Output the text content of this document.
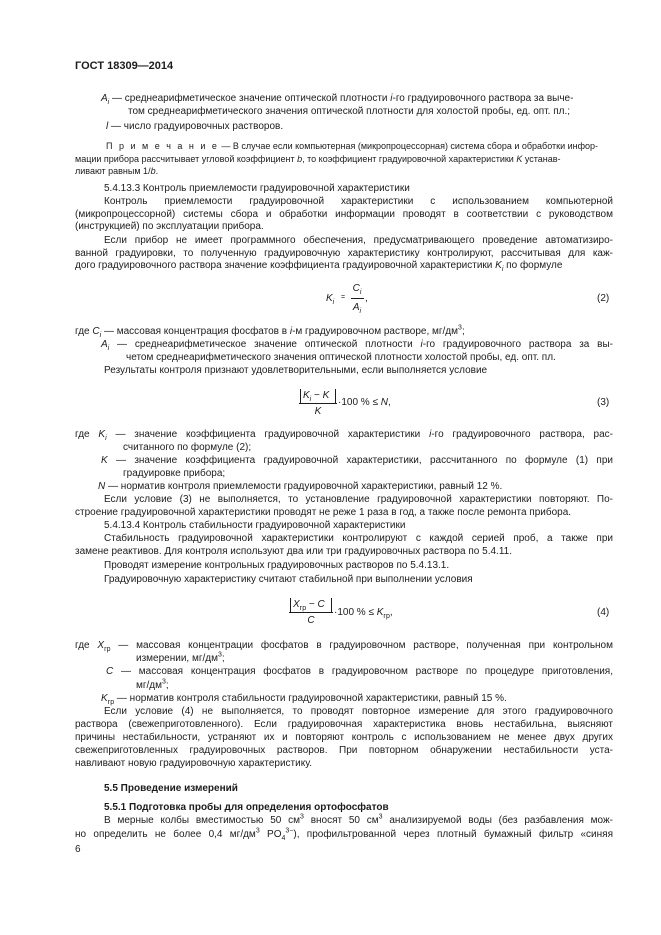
ГОСТ 18309—2014
$A_i$ — среднеарифметическое значение оптической плотности i-го градуировочного раствора за выче-
том среднеарифметического значения оптической плотности для холостой пробы, ед. опт. пл.;
l — число градуировочных растворов.
П р и м е ч а н и е — В случае если компьютерная (микропроцессорная) система сбора и обработки инфор-
мации прибора рассчитывает угловой коэффициент b, то коэффициент градуировочной характеристики K устанав-
ливают равным 1/b.
5.4.13.3 Контроль приемлемости градуировочной характеристики
Контроль приемлемости градуировочной характеристики с использованием компьютерной
(микропроцессорной) системы сбора и обработки информации проводят в соответствии с руководством
(инструкцией) по эксплуатации прибора.
Если прибор не имеет программного обеспечения, предусматривающего проведение автоматизиро-
ванной градуировки, то полученную градуировочную характеристику контролируют, рассчитывая для каж-
дого градуировочного раствора значение коэффициента градуировочной характеристики $K_i$ по формуле
$K_i$
=
$C_i$
$A_i$
,	(2)
где $C_i$ — массовая концентрация фосфатов в i-м градуировочном растворе, $мг/дм^3$;
$A_i$ — среднеарифметическое значение оптической плотности i-го градуировочного раствора за вы-
четом среднеарифметического значения оптической плотности холостой пробы, ед. опт. пл.
Результаты контроля признают удовлетворительными, если выполняется условие
$K_i - K$
K
·100 % ≤ N,	(3)
где $K_i$ — значение коэффициента градуировочной характеристики i-го градуировочного раствора, рас-
считанного по формуле (2);
K — значение коэффициента градуировочной характеристики, рассчитанного по формуле (1) при
градуировке прибора;
N — норматив контроля приемлемости градуировочной характеристики, равный 12 %.
Если условие (3) не выполняется, то установление градуировочной характеристики повторяют. По-
строение градуировочной характеристики проводят не реже 1 раза в год, а также после ремонта прибора.
5.4.13.4 Контроль стабильности градуировочной характеристики
Стабильность градуировочной характеристики контролируют с каждой серией проб, а также при
замене реактивов. Для контроля используют два или три градуировочных раствора по 5.4.11.
Проводят измерение контрольных градуировочных растворов по 5.4.13.1.
Градуировочную характеристику считают стабильной при выполнении условия
$X_{гр} - C$
C
·100 % ≤ $K_{гр}$,	(4)
где $X_{гр}$ — массовая концентрации фосфатов в градуировочном растворе, полученная при контрольном
измерении, $мг/дм^3$;
C — массовая концентрация фосфатов в градуировочном растворе по процедуре приготовления,
$мг/дм^3$;
$K_{гр}$ — норматив контроля стабильности градуировочной характеристики, равный 15 %.
Если условие (4) не выполняется, то проводят повторное измерение для этого градуировочного
раствора (свежеприготовленного). Если градуировочная характеристика вновь нестабильна, выясняют
причины нестабильности, устраняют их и повторяют контроль с использованием не менее двух других
свежеприготовленных градуировочных растворов. При повторном обнаружении нестабильности уста-
навливают новую градуировочную характеристику.
5.5 Проведение измерений
5.5.1 Подготовка пробы для определения ортофосфатов
В мерные колбы вместимостью 50 $см^3$ вносят 50 $см^3$ анализируемой воды (без разбавления мож-
но определить не более 0,4 $мг/дм^3$ $PO_4^{3-}$), профильтрованной через плотный бумажный фильтр «синяя
6
